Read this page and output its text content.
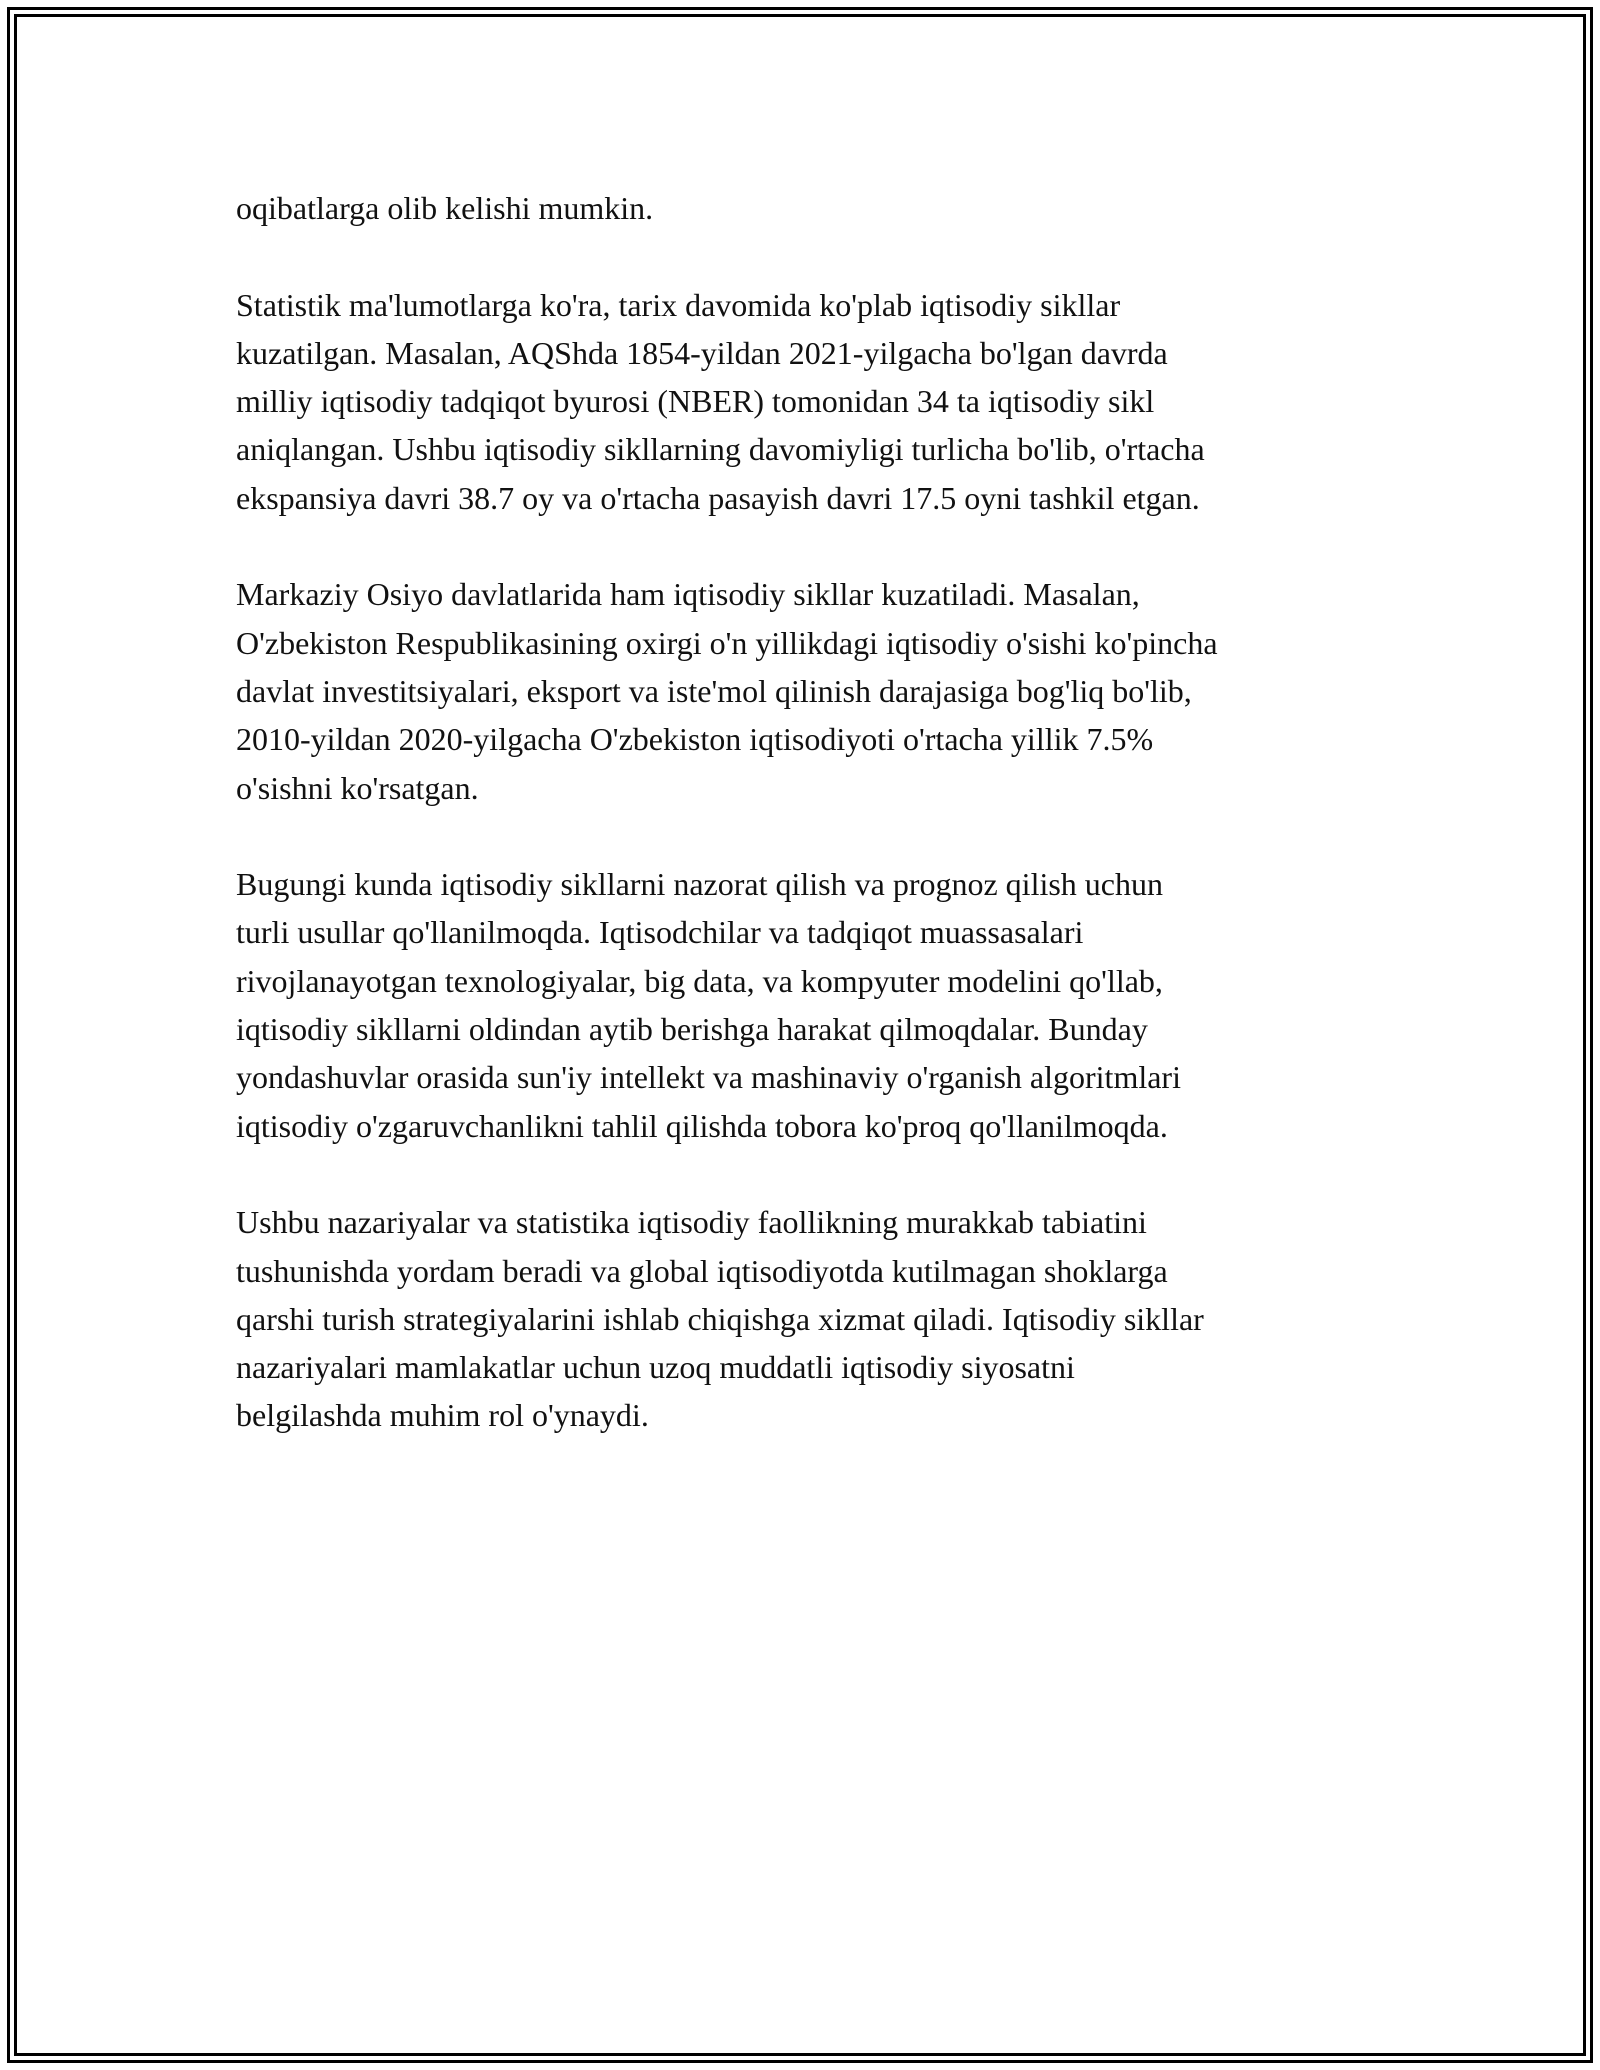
oqibatlarga olib kelishi mumkin.

Statistik ma'lumotlarga ko'ra, tarix davomida ko'plab iqtisodiy sikllar
kuzatilgan. Masalan, AQShda 1854-yildan 2021-yilgacha bo'lgan davrda
milliy iqtisodiy tadqiqot byurosi (NBER) tomonidan 34 ta iqtisodiy sikl
aniqlangan. Ushbu iqtisodiy sikllarning davomiyligi turlicha bo'lib, o'rtacha
ekspansiya davri 38.7 oy va o'rtacha pasayish davri 17.5 oyni tashkil etgan.

Markaziy Osiyo davlatlarida ham iqtisodiy sikllar kuzatiladi. Masalan,
O'zbekiston Respublikasining oxirgi o'n yillikdagi iqtisodiy o'sishi ko'pincha
davlat investitsiyalari, eksport va iste'mol qilinish darajasiga bog'liq bo'lib,
2010-yildan 2020-yilgacha O'zbekiston iqtisodiyoti o'rtacha yillik 7.5%
o'sishni ko'rsatgan.

Bugungi kunda iqtisodiy sikllarni nazorat qilish va prognoz qilish uchun
turli usullar qo'llanilmoqda. Iqtisodchilar va tadqiqot muassasalari
rivojlanayotgan texnologiyalar, big data, va kompyuter modelini qo'llab,
iqtisodiy sikllarni oldindan aytib berishga harakat qilmoqdalar. Bunday
yondashuvlar orasida sun'iy intellekt va mashinaviy o'rganish algoritmlari
iqtisodiy o'zgaruvchanlikni tahlil qilishda tobora ko'proq qo'llanilmoqda.

Ushbu nazariyalar va statistika iqtisodiy faollikning murakkab tabiatini
tushunishda yordam beradi va global iqtisodiyotda kutilmagan shoklarga
qarshi turish strategiyalarini ishlab chiqishga xizmat qiladi. Iqtisodiy sikllar
nazariyalari mamlakatlar uchun uzoq muddatli iqtisodiy siyosatni
belgilashda muhim rol o'ynaydi.
